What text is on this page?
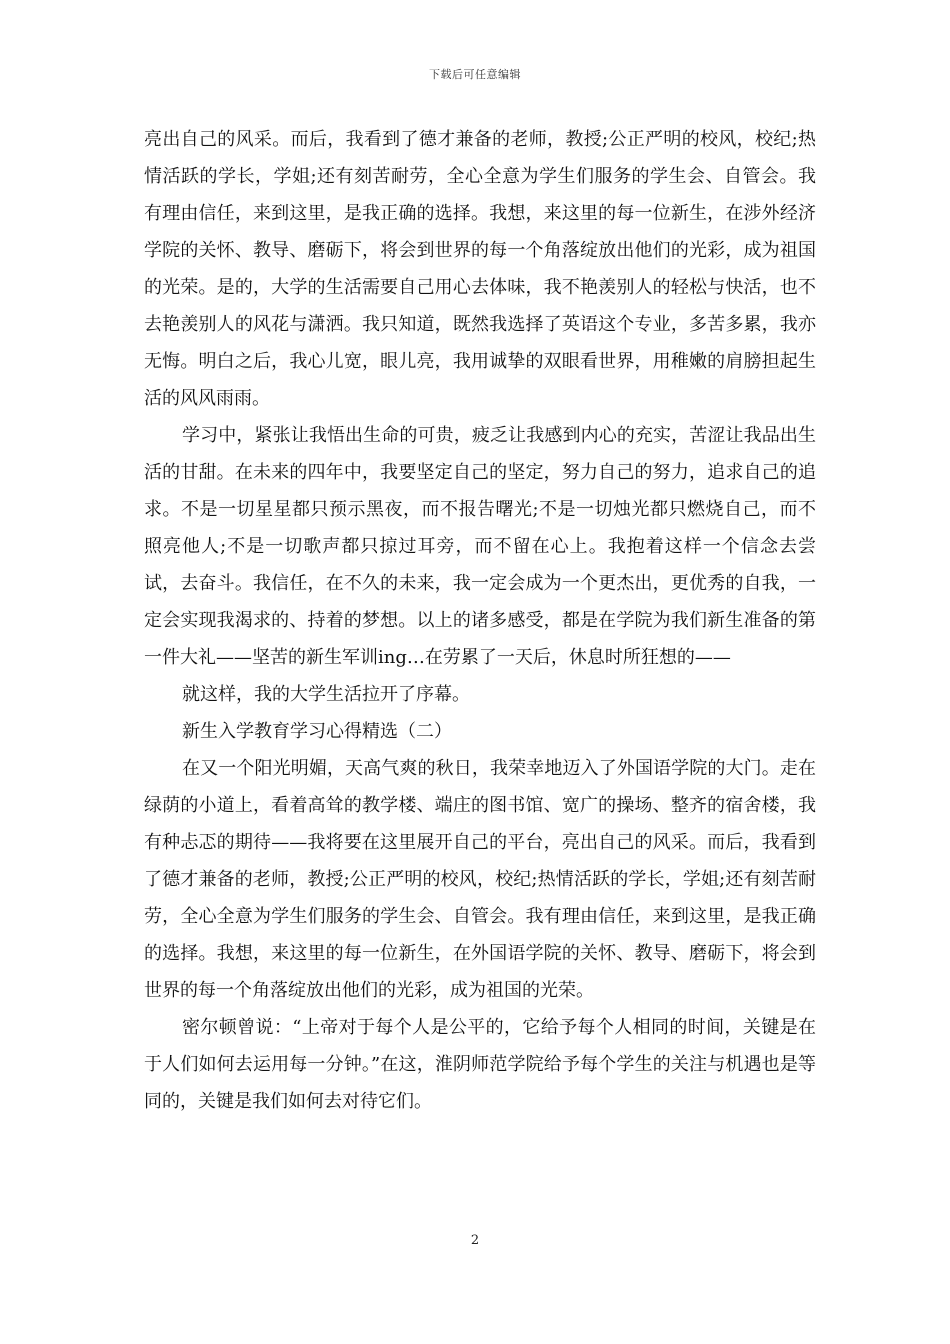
下载后可任意编辑

亮出自己的风采。而后，我看到了德才兼备的老师，教授;公正严明的校风，校纪;热情活跃的学长，学姐;还有刻苦耐劳，全心全意为学生们服务的学生会、自管会。我有理由信任，来到这里，是我正确的选择。我想，来这里的每一位新生，在涉外经济学院的关怀、教导、磨砺下，将会到世界的每一个角落绽放出他们的光彩，成为祖国的光荣。是的，大学的生活需要自己用心去体味，我不艳羡别人的轻松与快活，也不去艳羡别人的风花与潇洒。我只知道，既然我选择了英语这个专业，多苦多累，我亦无悔。明白之后，我心儿宽，眼儿亮，我用诚挚的双眼看世界，用稚嫩的肩膀担起生活的风风雨雨。

学习中，紧张让我悟出生命的可贵，疲乏让我感到内心的充实，苦涩让我品出生活的甘甜。在未来的四年中，我要坚定自己的坚定，努力自己的努力，追求自己的追求。不是一切星星都只预示黑夜，而不报告曙光;不是一切烛光都只燃烧自己，而不照亮他人;不是一切歌声都只掠过耳旁，而不留在心上。我抱着这样一个信念去尝试，去奋斗。我信任，在不久的未来，我一定会成为一个更杰出，更优秀的自我，一定会实现我渴求的、持着的梦想。以上的诸多感受，都是在学院为我们新生准备的第一件大礼——坚苦的新生军训ing…在劳累了一天后，休息时所狂想的——

就这样，我的大学生活拉开了序幕。

新生入学教育学习心得精选（二）

在又一个阳光明媚，天高气爽的秋日，我荣幸地迈入了外国语学院的大门。走在绿荫的小道上，看着高耸的教学楼、端庄的图书馆、宽广的操场、整齐的宿舍楼，我有种忐忑的期待——我将要在这里展开自己的平台，亮出自己的风采。而后，我看到了德才兼备的老师，教授;公正严明的校风，校纪;热情活跃的学长，学姐;还有刻苦耐劳，全心全意为学生们服务的学生会、自管会。我有理由信任，来到这里，是我正确的选择。我想，来这里的每一位新生，在外国语学院的关怀、教导、磨砺下，将会到世界的每一个角落绽放出他们的光彩，成为祖国的光荣。

密尔顿曾说：“上帝对于每个人是公平的，它给予每个人相同的时间，关键是在于人们如何去运用每一分钟。”在这，淮阴师范学院给予每个学生的关注与机遇也是等同的，关键是我们如何去对待它们。

2
